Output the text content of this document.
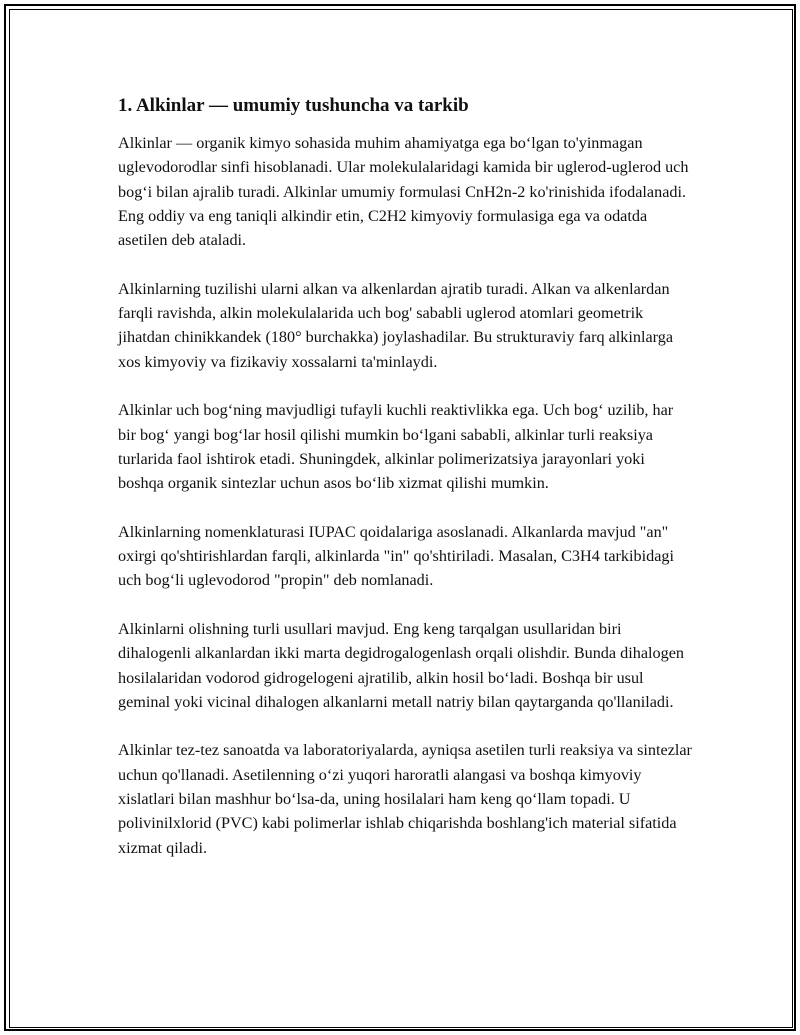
1. Alkinlar — umumiy tushuncha va tarkib

Alkinlar — organik kimyo sohasida muhim ahamiyatga ega bo‘lgan to'yinmagan uglevodorodlar sinfi hisoblanadi. Ular molekulalaridagi kamida bir uglerod-uglerod uch bog‘i bilan ajralib turadi. Alkinlar umumiy formulasi CnH2n-2 ko'rinishida ifodalanadi. Eng oddiy va eng taniqli alkindir etin, C2H2 kimyoviy formulasiga ega va odatda asetilen deb ataladi.

Alkinlarning tuzilishi ularni alkan va alkenlardan ajratib turadi. Alkan va alkenlardan farqli ravishda, alkin molekulalarida uch bog' sababli uglerod atomlari geometrik jihatdan chinikkandek (180° burchakka) joylashadilar. Bu strukturaviy farq alkinlarga xos kimyoviy va fizikaviy xossalarni ta'minlaydi.

Alkinlar uch bog‘ning mavjudligi tufayli kuchli reaktivlikka ega. Uch bog‘ uzilib, har bir bog‘ yangi bog‘lar hosil qilishi mumkin bo‘lgani sababli, alkinlar turli reaksiya turlarida faol ishtirok etadi. Shuningdek, alkinlar polimerizatsiya jarayonlari yoki boshqa organik sintezlar uchun asos bo‘lib xizmat qilishi mumkin.

Alkinlarning nomenklaturasi IUPAC qoidalariga asoslanadi. Alkanlarda mavjud "an" oxirgi qo'shtirishlardan farqli, alkinlarda "in" qo'shtiriladi. Masalan, C3H4 tarkibidagi uch bog‘li uglevodorod "propin" deb nomlanadi.

Alkinlarni olishning turli usullari mavjud. Eng keng tarqalgan usullaridan biri dihalogenli alkanlardan ikki marta degidrogalogenlash orqali olishdir. Bunda dihalogen hosilalaridan vodorod gidrogelogeni ajratilib, alkin hosil bo‘ladi. Boshqa bir usul geminal yoki vicinal dihalogen alkanlarni metall natriy bilan qaytarganda qo'llaniladi.

Alkinlar tez-tez sanoatda va laboratoriyalarda, ayniqsa asetilen turli reaksiya va sintezlar uchun qo'llanadi. Asetilenning o‘zi yuqori haroratli alangasi va boshqa kimyoviy xislatlari bilan mashhur bo‘lsa-da, uning hosilalari ham keng qo‘llam topadi. U polivinilxlorid (PVC) kabi polimerlar ishlab chiqarishda boshlang'ich material sifatida xizmat qiladi.
